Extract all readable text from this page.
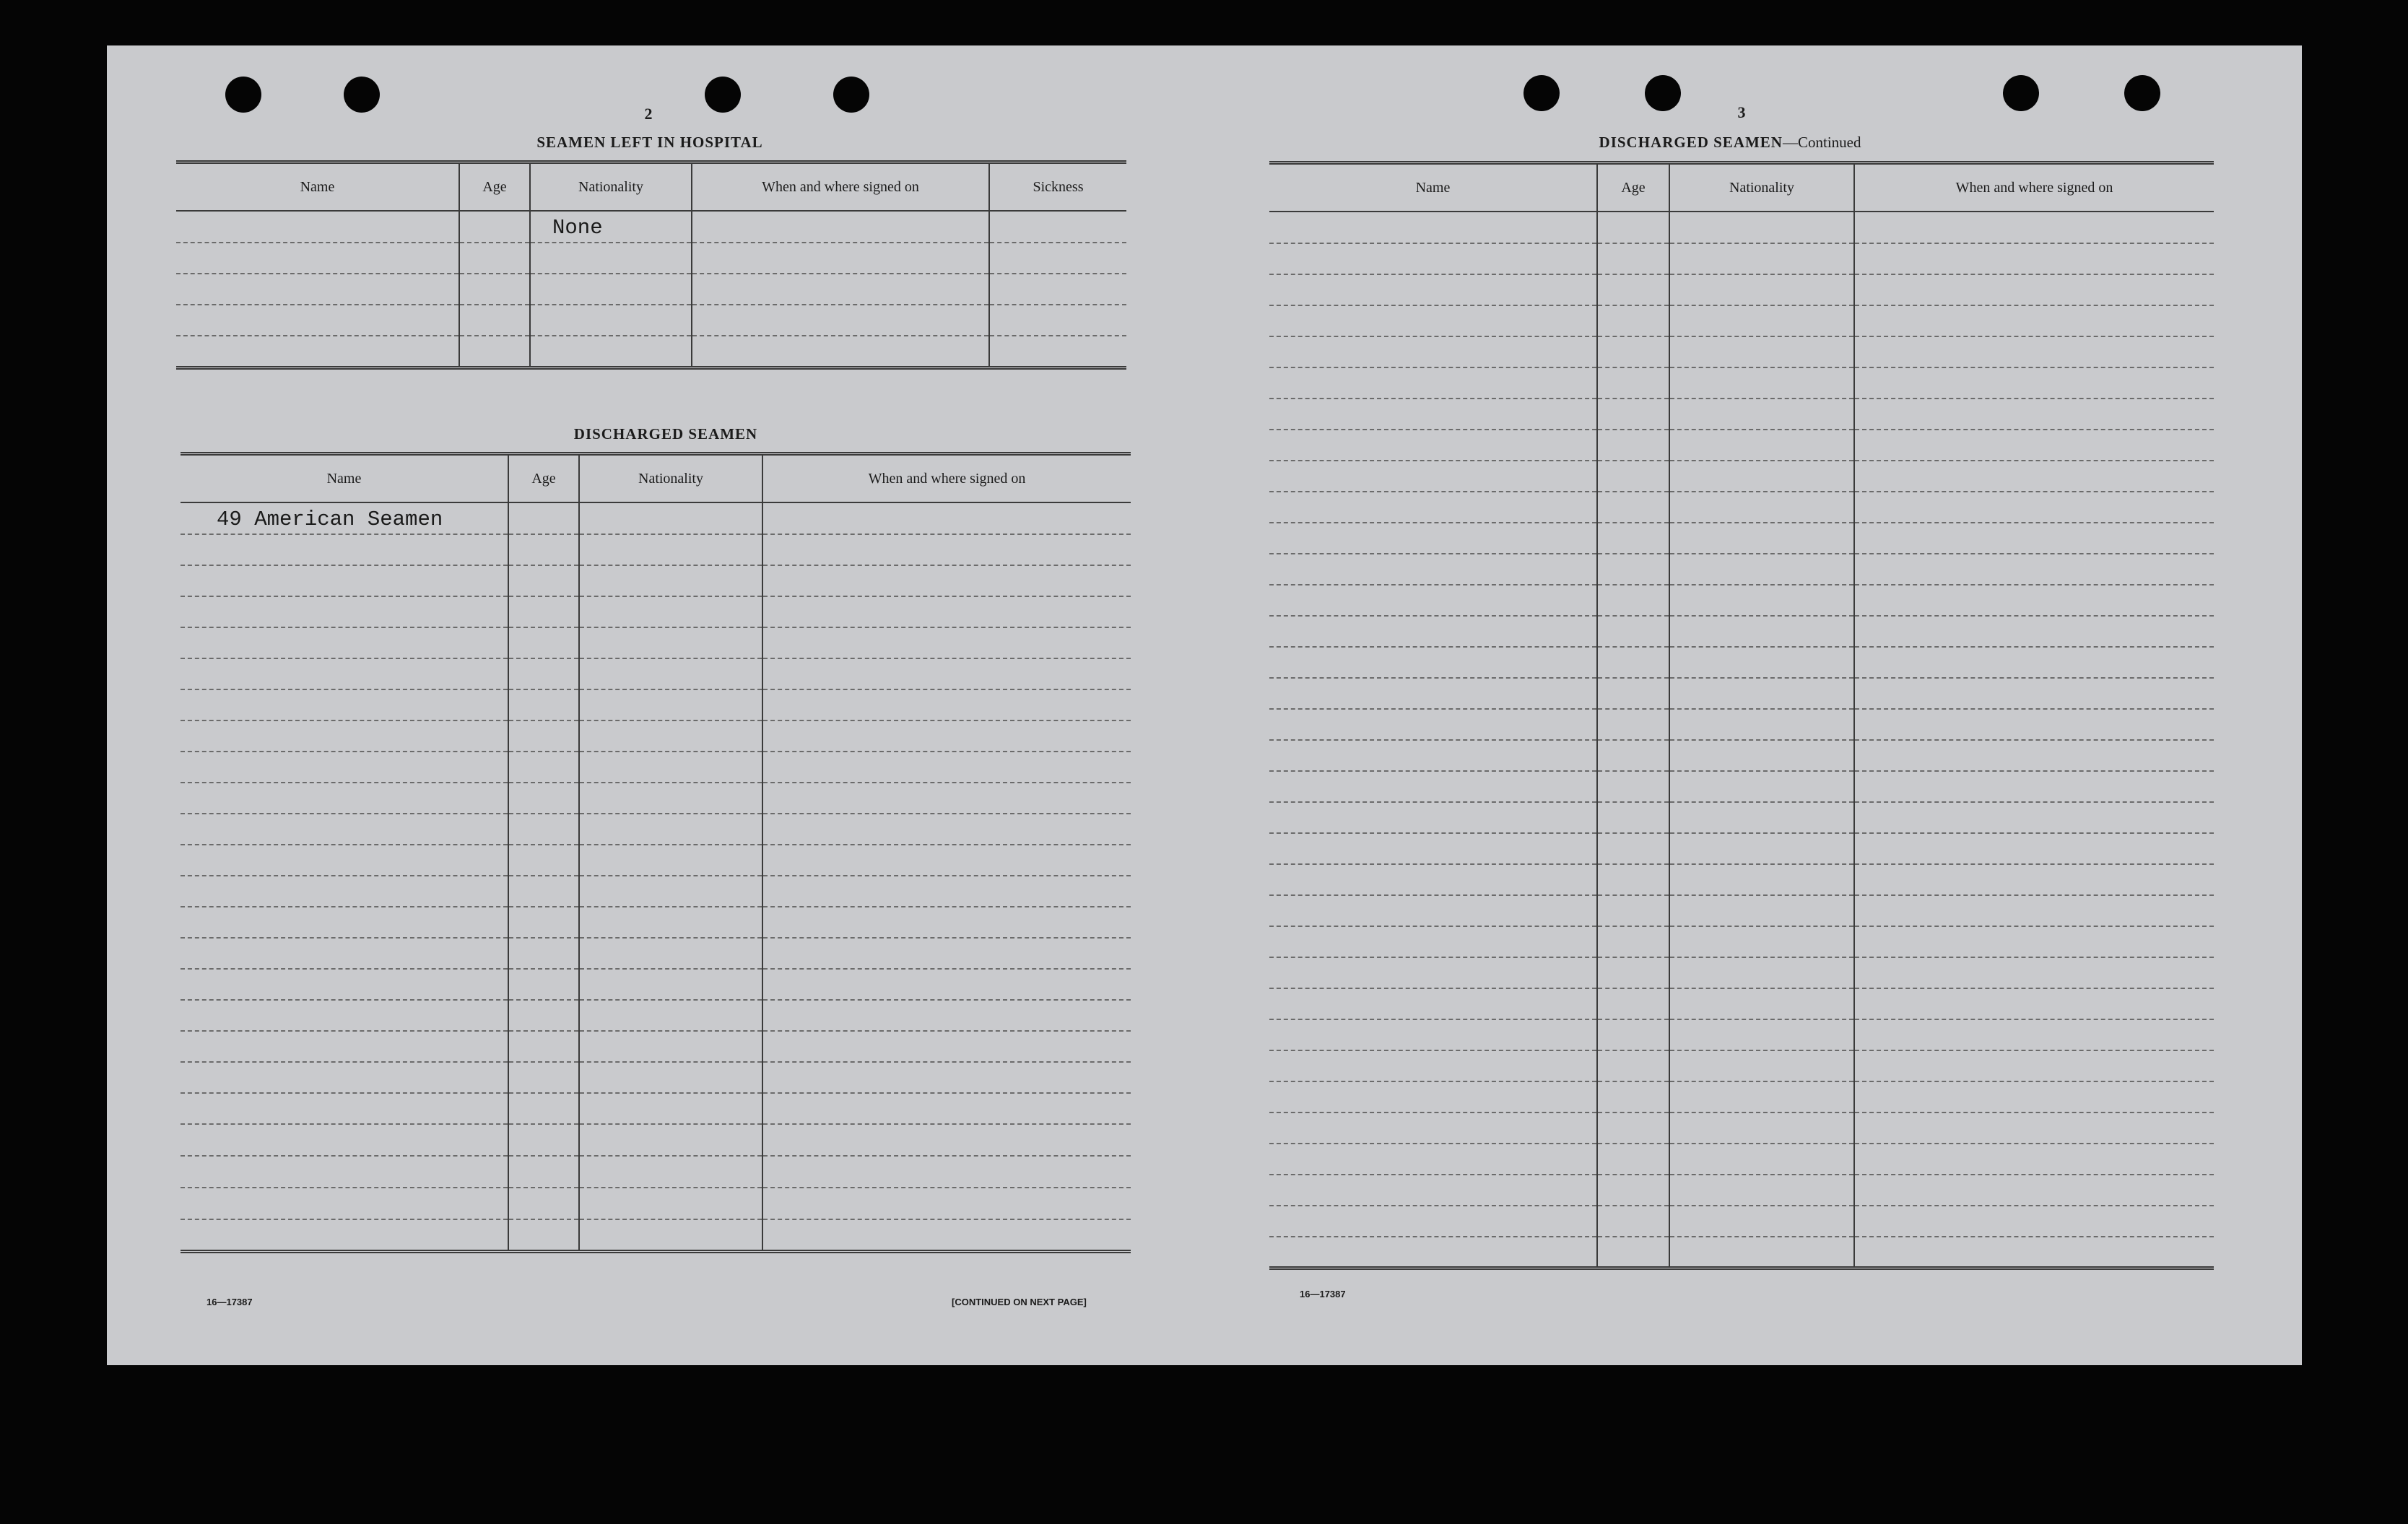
2
SEAMEN LEFT IN HOSPITAL
Name	Age	Nationality	When and where signed on	Sickness
		None		

DISCHARGED SEAMEN
Name	Age	Nationality	When and where signed on
49 American Seamen			

16—17387	[CONTINUED ON NEXT PAGE]
3
DISCHARGED SEAMEN—Continued
Name	Age	Nationality	When and where signed on

16—17387
